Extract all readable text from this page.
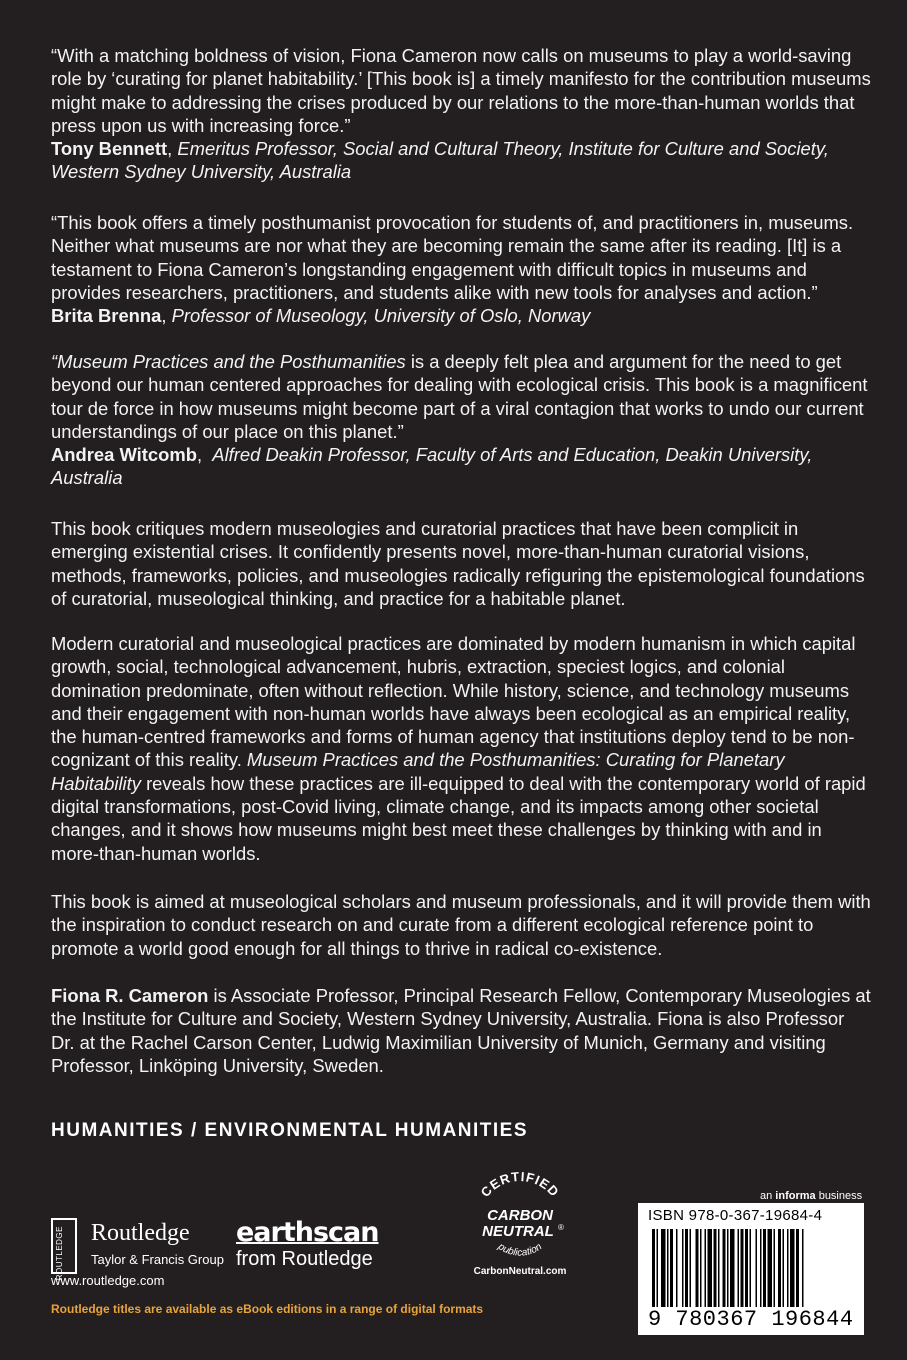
“With a matching boldness of vision, Fiona Cameron now calls on museums to play a world-saving role by ‘curating for planet habitability.’ [This book is] a timely manifesto for the contribution museums might make to addressing the crises produced by our relations to the more-than-human worlds that press upon us with increasing force.”

Tony Bennett, Emeritus Professor, Social and Cultural Theory, Institute for Culture and Society, Western Sydney University, Australia

“This book offers a timely posthumanist provocation for students of, and practitioners in, museums. Neither what museums are nor what they are becoming remain the same after its reading. [It] is a testament to Fiona Cameron’s longstanding engagement with difficult topics in museums and provides researchers, practitioners, and students alike with new tools for analyses and action.”

Brita Brenna, Professor of Museology, University of Oslo, Norway

“Museum Practices and the Posthumanities is a deeply felt plea and argument for the need to get beyond our human centered approaches for dealing with ecological crisis. This book is a magnificent tour de force in how museums might become part of a viral contagion that works to undo our current understandings of our place on this planet.”

Andrea Witcomb,  Alfred Deakin Professor, Faculty of Arts and Education, Deakin University, Australia

This book critiques modern museologies and curatorial practices that have been complicit in emerging existential crises. It confidently presents novel, more-than-human curatorial visions, methods, frameworks, policies, and museologies radically refiguring the epistemological foundations of curatorial, museological thinking, and practice for a habitable planet.

Modern curatorial and museological practices are dominated by modern humanism in which capital growth, social, technological advancement, hubris, extraction, speciest logics, and colonial domination predominate, often without reflection. While history, science, and technology museums and their engagement with non-human worlds have always been ecological as an empirical reality, the human-centred frameworks and forms of human agency that institutions deploy tend to be non-cognizant of this reality. Museum Practices and the Posthumanities: Curating for Planetary Habitability reveals how these practices are ill-equipped to deal with the contemporary world of rapid digital transformations, post-Covid living, climate change, and its impacts among other societal changes, and it shows how museums might best meet these challenges by thinking with and in more-than-human worlds.

This book is aimed at museological scholars and museum professionals, and it will provide them with the inspiration to conduct research on and curate from a different ecological reference point to promote a world good enough for all things to thrive in radical co-existence.

Fiona R. Cameron is Associate Professor, Principal Research Fellow, Contemporary Museologies at the Institute for Culture and Society, Western Sydney University, Australia. Fiona is also Professor Dr. at the Rachel Carson Center, Ludwig Maximilian University of Munich, Germany and visiting Professor, Linköping University, Sweden.

HUMANITIES / ENVIRONMENTAL HUMANITIES
ROUTLEDGE Routledge
Taylor & Francis Group
www.routledge.com
earthscan
from Routledge
CERTIFIED
CARBON
NEUTRAL ®
publication
CarbonNeutral.com
an informa business
ISBN 978-0-367-19684-4
9 780367 196844
Routledge titles are available as eBook editions in a range of digital formats
